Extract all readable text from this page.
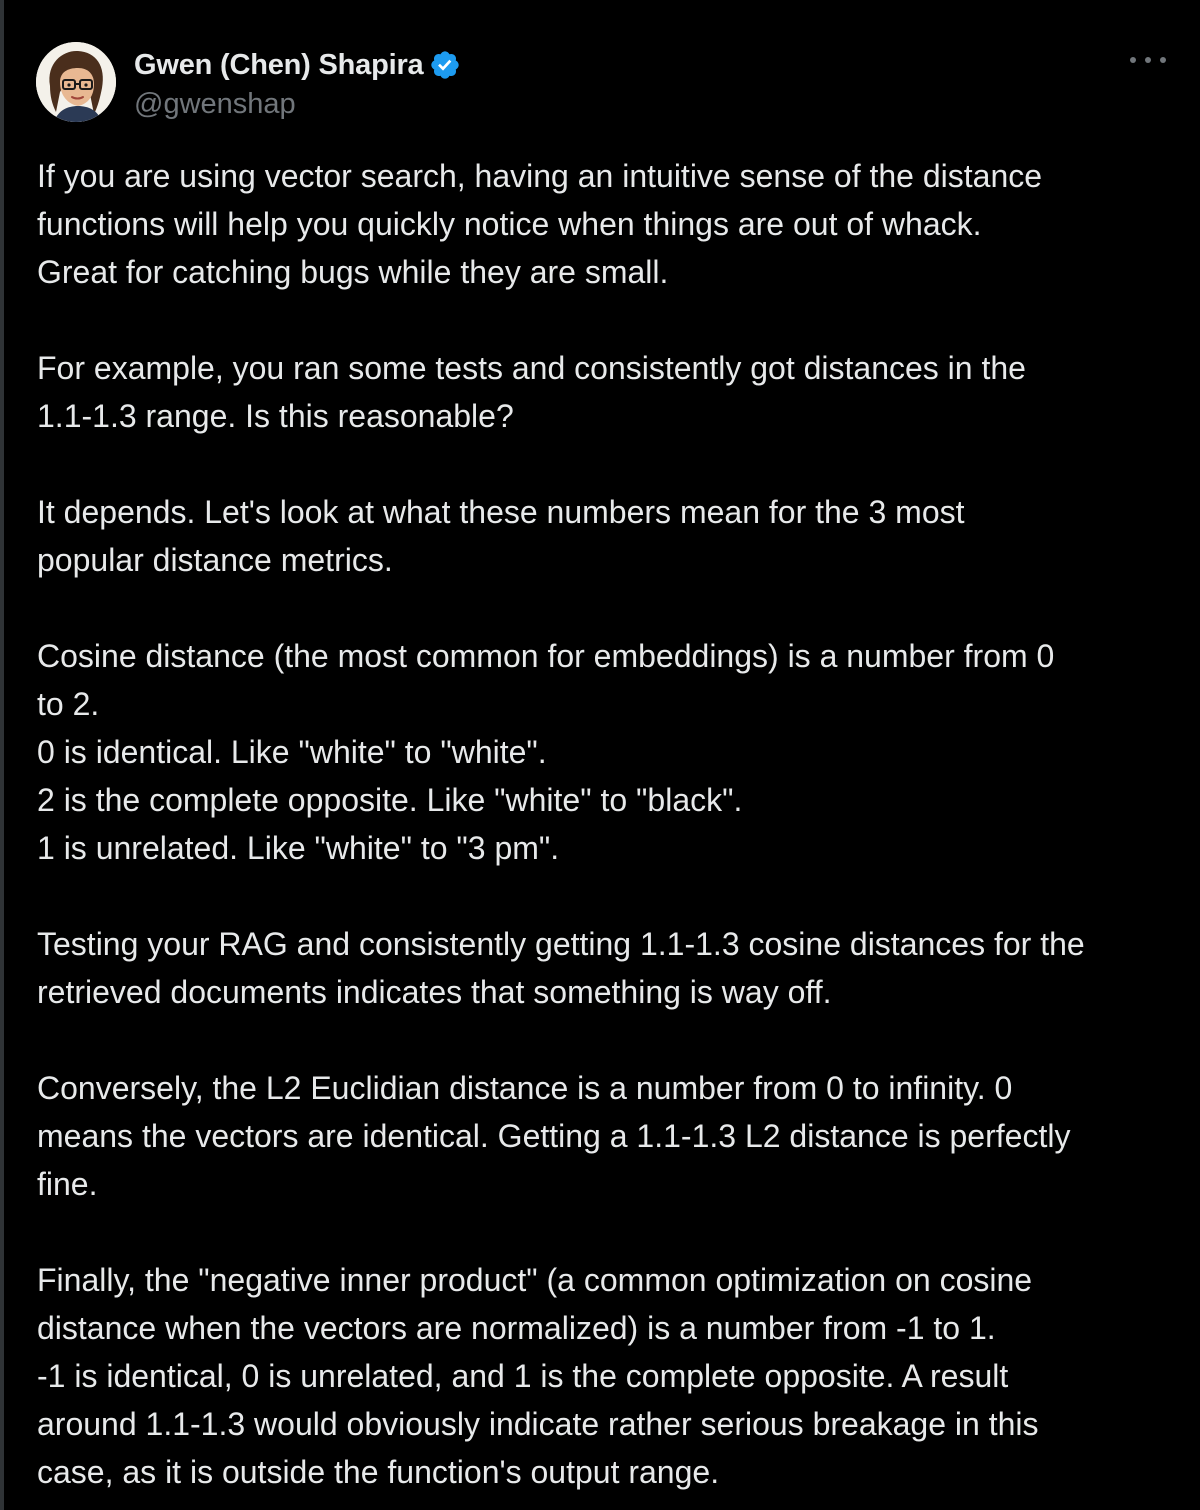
Gwen (Chen) Shapira
@gwenshap
If you are using vector search, having an intuitive sense of the distance
functions will help you quickly notice when things are out of whack.
Great for catching bugs while they are small.
For example, you ran some tests and consistently got distances in the
1.1-1.3 range. Is this reasonable?
It depends. Let's look at what these numbers mean for the 3 most
popular distance metrics.
Cosine distance (the most common for embeddings) is a number from 0
to 2.
0 is identical. Like "white" to "white".
2 is the complete opposite. Like "white" to "black".
1 is unrelated. Like "white" to "3 pm".
Testing your RAG and consistently getting 1.1-1.3 cosine distances for the
retrieved documents indicates that something is way off.
Conversely, the L2 Euclidian distance is a number from 0 to infinity. 0
means the vectors are identical. Getting a 1.1-1.3 L2 distance is perfectly
fine.
Finally, the "negative inner product" (a common optimization on cosine
distance when the vectors are normalized) is a number from -1 to 1.
-1 is identical, 0 is unrelated, and 1 is the complete opposite. A result
around 1.1-1.3 would obviously indicate rather serious breakage in this
case, as it is outside the function's output range.
